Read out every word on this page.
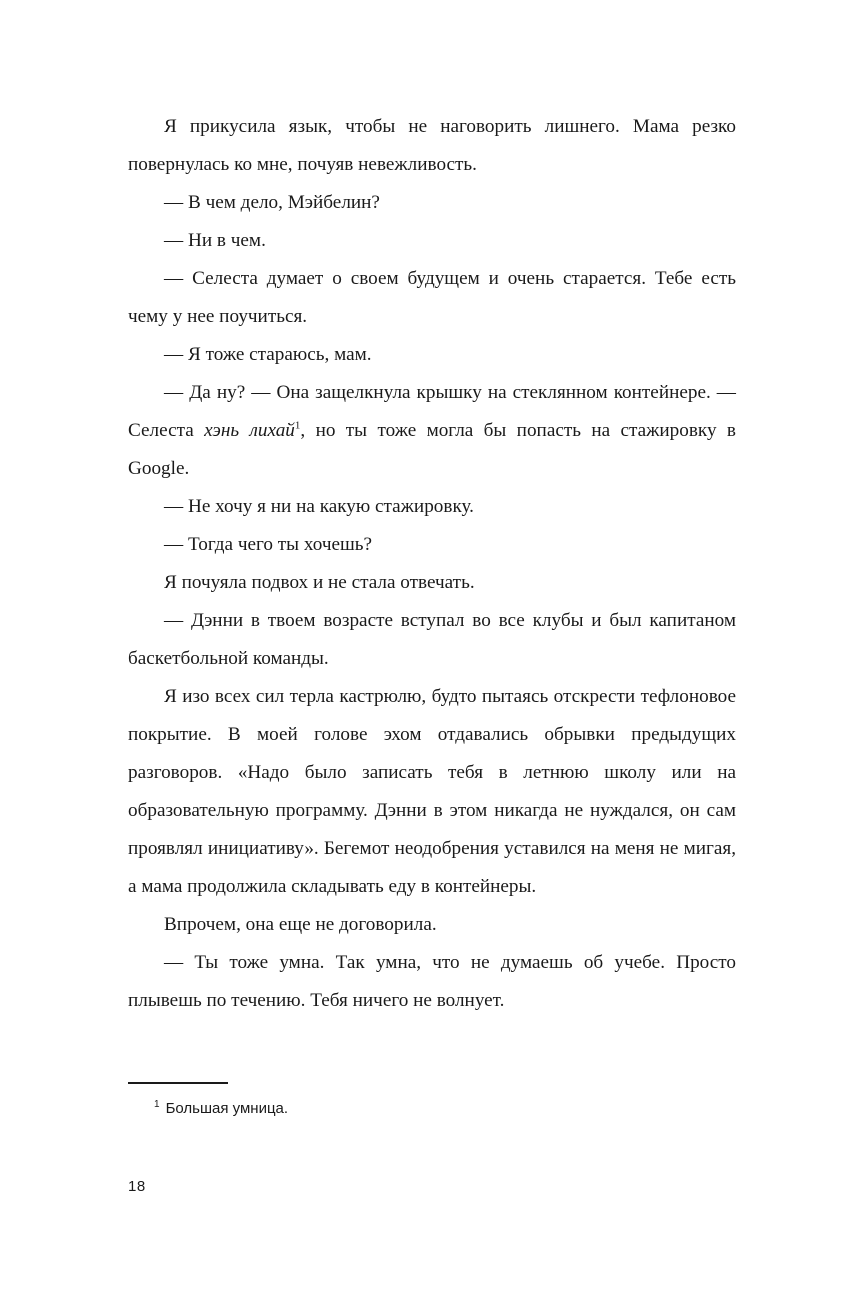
Я прикусила язык, чтобы не наговорить лишнего. Мама резко повернулась ко мне, почуяв невежливость.

— В чем дело, Мэйбелин?

— Ни в чем.

— Селеста думает о своем будущем и очень старается. Тебе есть чему у нее поучиться.

— Я тоже стараюсь, мам.

— Да ну? — Она защелкнула крышку на стеклянном контейнере. — Селеста хэнь лихай$^1$, но ты тоже могла бы попасть на стажировку в Google.

— Не хочу я ни на какую стажировку.

— Тогда чего ты хочешь?

Я почуяла подвох и не стала отвечать.

— Дэнни в твоем возрасте вступал во все клубы и был капитаном баскетбольной команды.

Я изо всех сил терла кастрюлю, будто пытаясь отскрести тефлоновое покрытие. В моей голове эхом отдавались обрывки предыдущих разговоров. «Надо было записать тебя в летнюю школу или на образовательную программу. Дэнни в этом никагда не нуждался, он сам проявлял инициативу». Бегемот неодобрения уставился на меня не мигая, а мама продолжила складывать еду в контейнеры.

Впрочем, она еще не договорила.

— Ты тоже умна. Так умна, что не думаешь об учебе. Просто плывешь по течению. Тебя ничего не волнует.

$^1$ Большая умница.
18
